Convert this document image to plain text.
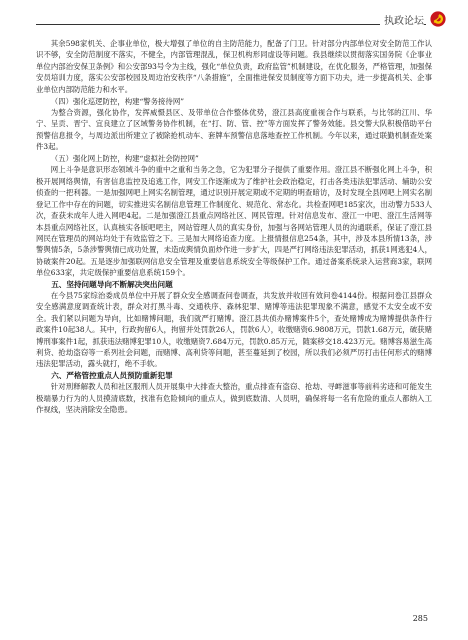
执政论坛

其余598家机关、企事业单位，极大增强了单位的自主防范能力，配备了门卫。针对部分内部单位对安全防范工作认识不够，安全防范制度不落实，不健全，内部管理混乱，保卫机构形同虚设等问题。我县继续以贯彻落实国务院《企事业单位内部治安保卫条例》和公安部93号令为主线，强化“单位负责，政府监管”机制建设，在优化服务，严格管理，加强保安员培训力度，落实公安部校园及周边治安秩序“八条措施”，全面推进保安员制度等方面下功夫，进一步提高机关、企事业单位内部防范能力和水平。

（四）强化巡逻防控，构建“警务接待网”

为整合资源，强化协作，发挥威慑县区、及带单位合作整体优势，澄江县高度重视合作与联系，与比邻的江川、华宁、呈贡、晋宁、宜良建立了区域警务协作机制，在“打、防、管、控”等方面发挥了警务效能。县交警大队积极借助平台预警信息报令，与周边派出所建立了被除抢机动车、套牌车预警信息落地查控工作机制。今年以来，通过联勤机制查处案件3起。

（五）强化网上防控，构建“虚拟社会防控网”

网上斗争是意识形态领域斗争的重中之重和当务之急，它为犯罪分子提供了重要作用。澄江县不断强化网上斗争，积极开展网络舆情，有害信息监控及追逃工作，网安工作逐渐成为了维护社会政治稳定，打击各类违法犯罪活动、辅助公安侦查的一把利器。一是加强网吧上网实名制管理，通过识别开展定期或不定期的明查暗访，及时发现全县网吧上网实名制登记工作中存在的问题，切实推进实名制信息管理工作制度化、规范化、常态化。共检查网吧185家次，出动警力533人次，查获未成年人进入网吧4起。二是加强澄江县重点网络社区、网民管理。针对信息发布、澄江一中吧、澄江生活网等本县重点网络社区，认真核实各版吧吧主，网站管理人员的真实身份，加强与各网站管理人员的沟通联系，保证了澄江县网民在管理员的网站均处于有效监管之下。三是加大网络追查力度。上报情报信息254条，其中，涉及本县所情13条，涉警舆情5条，5条涉警舆情已成功处置，未造成舆情负面炒作进一步扩大，四是严打网络违法犯罪活动，抓获1网逃犯4人，协破案件20起。五是逐步加强联网信息安全管理及重要信息系统安全等级保护工作。通过备案系统录入运营商3家，联网单位633家，共定级保护重要信息系统159个。

五、坚持问题导向不断解决突出问题

在今县75家综治委成员单位中开展了群众安全感调查问卷调查，共发放并收回有效问卷4144份。根据问卷江县群众安全感满意度调查统计表，群众对打黑斗毒、交通秩序、森林犯罪、赌博等违法犯罪现象不满意，感觉不太安全或不安全。我们紧以问题为导向，比如赌博问题，我们就严打赌博。澄江县共侦办赌博案件5个，查处赌博成为赌博提供条件行政案件10起38人。其中，行政拘留6人，拘留并处罚款26人，罚款6人），收缴赌资6.9808万元，罚款1.68万元，破获赌博刑事案件1起，抓获违法赌博犯罪10人，收缴赌资7.684万元，罚款0.85万元，随案移交18.423万元。赌博容易滋生高利贷、抢劫盗窃等一系列社会问题，而赌博、高利贷等问题，甚至蔓延到了校园，所以我们必须严厉打击任何形式的赌博违法犯罪活动，露头就打，绝不手软。

六、严格管控重点人员预防重新犯罪

针对刑释解教人员和社区服刑人员开展集中大排查大整治，重点排查有盗窃、抢劫、寻衅滋事等前科劣迹和可能发生极端暴力行为的人员摸清底数，找准有危险倾向的重点人，做到底数清、人员明，确保将每一名有危险的重点人都纳入工作视线，坚决消除安全隐患。

285
